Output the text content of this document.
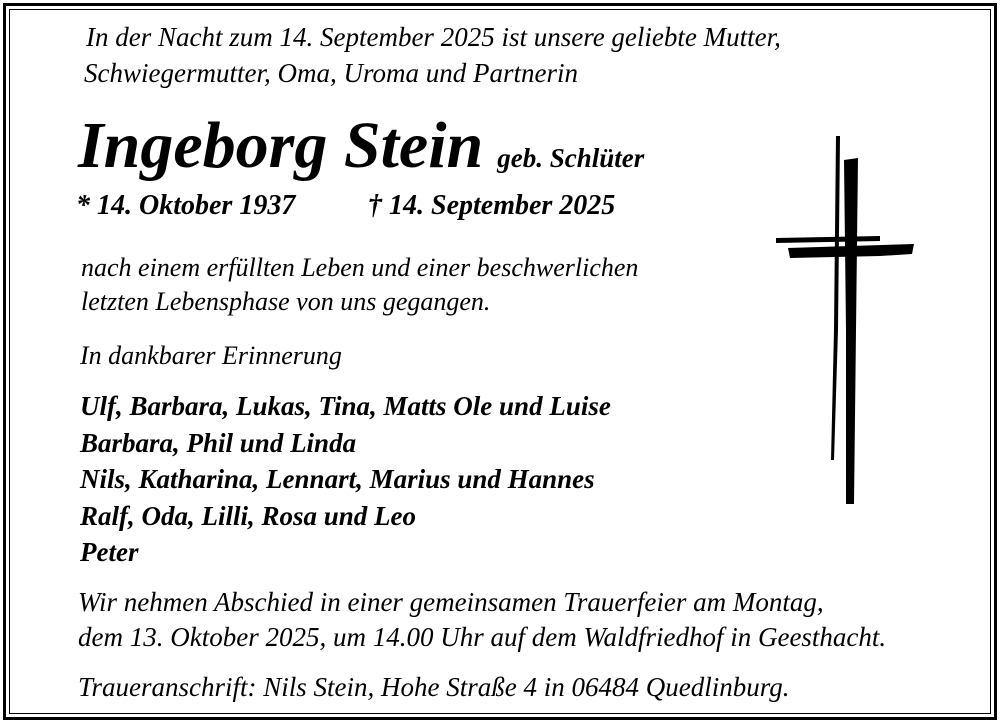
In der Nacht zum 14. September 2025 ist unsere geliebte Mutter,
Schwiegermutter, Oma, Uroma und Partnerin
Ingeborg Stein geb. Schlüter
* 14. Oktober 1937	† 14. September 2025
nach einem erfüllten Leben und einer beschwerlichen
letzten Lebensphase von uns gegangen.
In dankbarer Erinnerung
Ulf, Barbara, Lukas, Tina, Matts Ole und Luise
Barbara, Phil und Linda
Nils, Katharina, Lennart, Marius und Hannes
Ralf, Oda, Lilli, Rosa und Leo
Peter
Wir nehmen Abschied in einer gemeinsamen Trauerfeier am Montag,
dem 13. Oktober 2025, um 14.00 Uhr auf dem Waldfriedhof in Geesthacht.
Traueranschrift: Nils Stein, Hohe Straße 4 in 06484 Quedlinburg.
